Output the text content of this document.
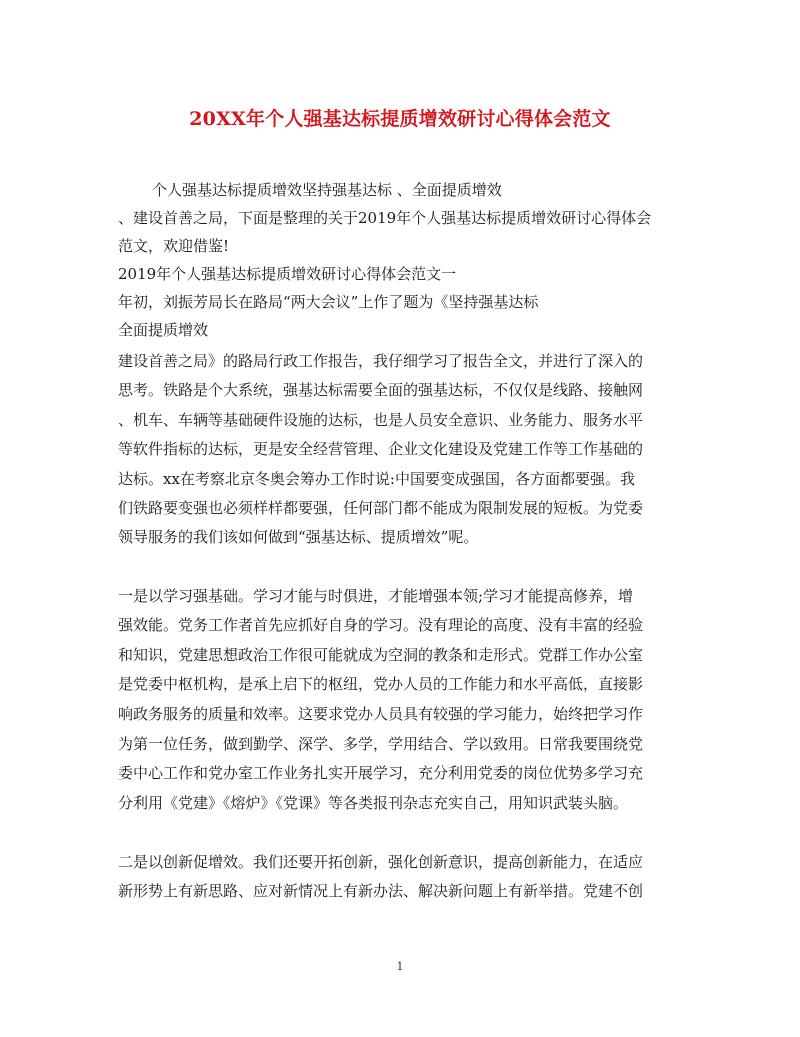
20XX年个人强基达标提质增效研讨心得体会范文
个人强基达标提质增效坚持强基达标 、全面提质增效
、建设首善之局，下面是整理的关于2019年个人强基达标提质增效研讨心得体会
范文，欢迎借鉴!
2019年个人强基达标提质增效研讨心得体会范文一
年初，刘振芳局长在路局“两大会议”上作了题为《坚持强基达标
全面提质增效
建设首善之局》的路局行政工作报告，我仔细学习了报告全文，并进行了深入的
思考。铁路是个大系统，强基达标需要全面的强基达标，不仅仅是线路、接触网
、机车、车辆等基础硬件设施的达标，也是人员安全意识、业务能力、服务水平
等软件指标的达标，更是安全经营管理、企业文化建设及党建工作等工作基础的
达标。xx在考察北京冬奥会筹办工作时说:中国要变成强国，各方面都要强。我
们铁路要变强也必须样样都要强，任何部门都不能成为限制发展的短板。为党委
领导服务的我们该如何做到“强基达标、提质增效”呢。
一是以学习强基础。学习才能与时俱进，才能增强本领;学习才能提高修养，增
强效能。党务工作者首先应抓好自身的学习。没有理论的高度、没有丰富的经验
和知识，党建思想政治工作很可能就成为空洞的教条和走形式。党群工作办公室
是党委中枢机构，是承上启下的枢纽，党办人员的工作能力和水平高低，直接影
响政务服务的质量和效率。这要求党办人员具有较强的学习能力，始终把学习作
为第一位任务，做到勤学、深学、多学，学用结合、学以致用。日常我要围绕党
委中心工作和党办室工作业务扎实开展学习，充分利用党委的岗位优势多学习充
分利用《党建》《熔炉》《党课》等各类报刊杂志充实自己，用知识武装头脑。
二是以创新促增效。我们还要开拓创新，强化创新意识，提高创新能力，在适应
新形势上有新思路、应对新情况上有新办法、解决新问题上有新举措。党建不创
1
